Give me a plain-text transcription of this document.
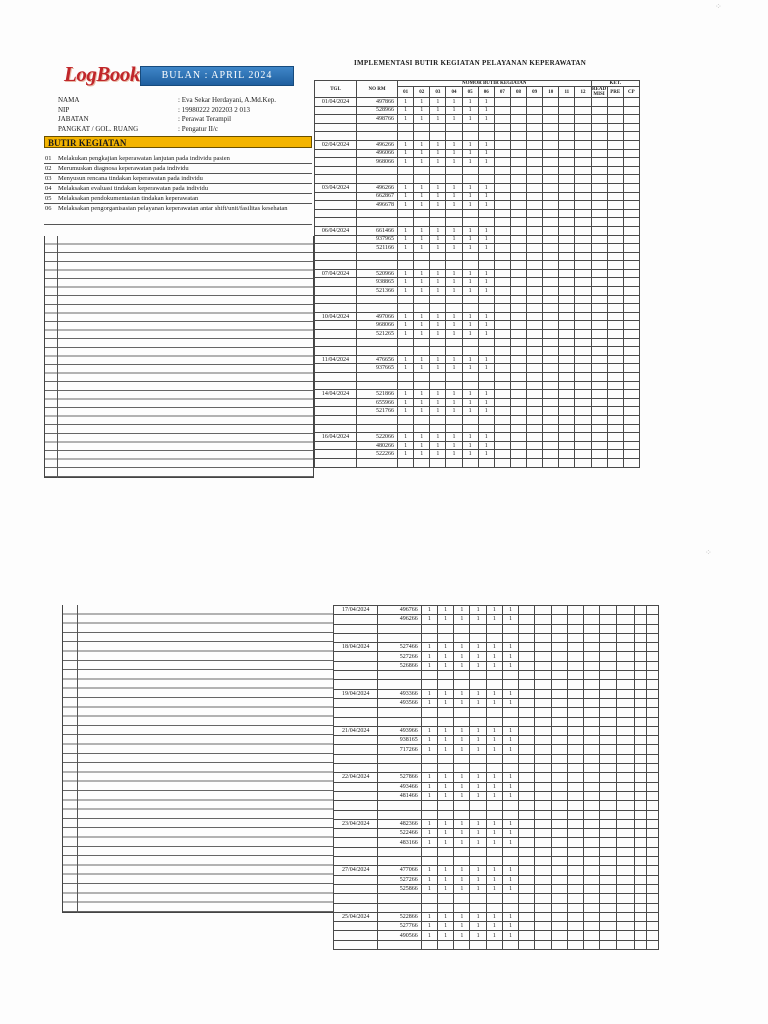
LogBook	BULAN : APRIL 2024
IMPLEMENTASI BUTIR KEGIATAN PELAYANAN KEPERAWATAN
NAMA	: Eva Sekar Herdayani, A.Md.Kep.
NIP	: 19980222 202203 2 013
JABATAN	: Perawat Terampil
PANGKAT / GOL. RUANG	: Pengatur II/c
BUTIR KEGIATAN
01 Melakukan pengkajian keperawatan lanjutan pada individu pasien
02 Merumuskan diagnosa keperawatan pada individu
03 Menyusun rencana tindakan keperawatan pada individu
04 Melaksakan evaluasi tindakan keperawatan pada individu
05 Melaksakan pendokumentasian tindakan keperawatan
06 Melaksakan pengorganisasian pelayanan keperawatan antar shift/unit/fasilitas kesehatan
TGL	NO RM	NOMOR BUTIR KEGIATAN												KET.		
		01	02	03	04	05	06	07	08	09	10	11	12	READ MISI	PRE	CP
01/04/2024	497866	1	1	1	1	1	1									
	528966	1	1	1	1	1	1									
	498766	1	1	1	1	1	1									

02/04/2024	496266	1	1	1	1	1	1									
	496066	1	1	1	1	1	1									
	968066	1	1	1	1	1	1									

03/04/2024	496266	1	1	1	1	1	1									
	662867	1	1	1	1	1	1									
	496678	1	1	1	1	1	1									

06/04/2024	661466	1	1	1	1	1	1									
	937965	1	1	1	1	1	1									
	521166	1	1	1	1	1	1									

07/04/2024	520966	1	1	1	1	1	1									
	938865	1	1	1	1	1	1									
	521366	1	1	1	1	1	1									

10/04/2024	497066	1	1	1	1	1	1									
	968066	1	1	1	1	1	1									
	521265	1	1	1	1	1	1									

11/04/2024	476656	1	1	1	1	1	1									
	937665	1	1	1	1	1	1									

14/04/2024	521866	1	1	1	1	1	1									
	655966	1	1	1	1	1	1									
	521766	1	1	1	1	1	1									

16/04/2024	522066	1	1	1	1	1	1									
	480266	1	1	1	1	1	1									
	522266	1	1	1	1	1	1									

17/04/2024	496766	1	1	1	1	1	1									
	496266	1	1	1	1	1	1									

18/04/2024	527466	1	1	1	1	1	1									
	527266	1	1	1	1	1	1									
	526866	1	1	1	1	1	1									

19/04/2024	493366	1	1	1	1	1	1									
	493566	1	1	1	1	1	1									

21/04/2024	493966	1	1	1	1	1	1									
	938165	1	1	1	1	1	1									
	717266	1	1	1	1	1	1									

22/04/2024	527866	1	1	1	1	1	1									
	493466	1	1	1	1	1	1									
	481466	1	1	1	1	1	1									

23/04/2024	482366	1	1	1	1	1	1									
	522466	1	1	1	1	1	1									
	483166	1	1	1	1	1	1									

27/04/2024	477066	1	1	1	1	1	1									
	527266	1	1	1	1	1	1									
	525866	1	1	1	1	1	1									

25/04/2024	522866	1	1	1	1	1	1									
	527766	1	1	1	1	1	1									
	490566	1	1	1	1	1	1									

⁘
⁘
